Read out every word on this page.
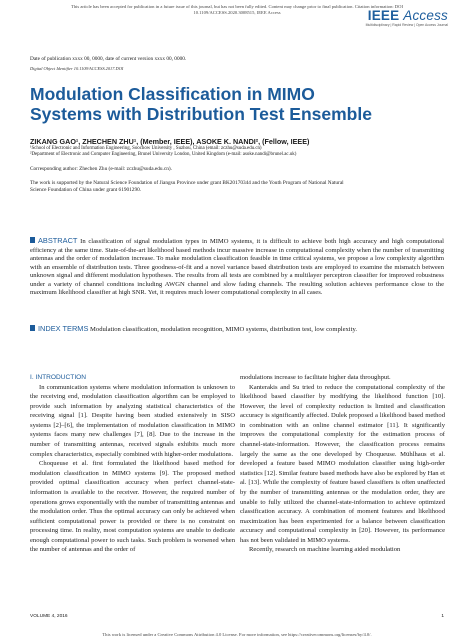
This article has been accepted for publication in a future issue of this journal, but has not been fully edited. Content may change prior to final publication. Citation information: DOI
10.1109/ACCESS.2020.3008515, IEEE Access	IEEE Access
Multidisciplinary | Rapid Review | Open Access Journal
Date of publication xxxx 00, 0000, date of current version xxxx 00, 0000.
Digital Object Identifier 10.1109/ACCESS.2017.DOI
Modulation Classification in MIMO
Systems with Distribution Test Ensemble
ZIKANG GAO¹, ZHECHEN ZHU¹, (Member, IEEE), ASOKE K. NANDI², (Fellow, IEEE)
¹School of Electronic and Information Engineering, Soochow University , Suzhou, China (email: zczhu@suda.edu.cn)
²Department of Electronic and Computer Engineering, Brunel University London, United Kingdom (e-mail: asoke.nandi@brunel.ac.uk)
Corresponding author: Zhechen Zhu (e-mail: zczhu@suda.edu.cn).
The work is supported by the Natural Science Foundation of Jiangsu Province under grant BK20170344 and the Youth Program of National Natural Science Foundation of China under grant 61901290.
ABSTRACT In classification of signal modulation types in MIMO systems, it is difficult to achieve both high accuracy and high computational efficiency at the same time. State-of-the-art likelihood based methods incur massive increase in computational complexity when the number of transmitting antennas and the order of modulation increase. To make modulation classification feasible in time critical systems, we propose a low complexity algorithm with an ensemble of distribution tests. Three goodness-of-fit and a novel variance based distribution tests are employed to examine the mismatch between unknown signal and different modulation hypotheses. The results from all tests are combined by a multilayer perceptron classifier for improved robustness under a variety of channel conditions including AWGN channel and slow fading channels. The resulting solution achieves performance close to the maximum likelihood classifier at high SNR. Yet, it requires much lower computational complexity in all cases.
INDEX TERMS Modulation classification, modulation recognition, MIMO systems, distribution test, low complexity.
I. INTRODUCTION

In communication systems where modulation information is unknown to the receiving end, modulation classification algorithm can be employed to provide such information by analyzing statistical characteristics of the receiving signal [1]. Despite having been studied extensively in SISO systems [2]–[6], the implementation of modulation classification in MIMO systems faces many new challenges [7], [8]. Due to the increase in the number of transmitting antennas, received signals exhibits much more complex characteristics, especially combined with higher-order modulations.

Choqueuse et al. first formulated the likelihood based method for modulation classification in MIMO systems [9]. The proposed method provided optimal classification accuracy when perfect channel-state-information is available to the receiver. However, the required number of operations grows exponentially with the number of transmitting antennas and the modulation order. Thus the optimal accuracy can only be achieved when sufficient computational power is provided or there is no constraint on processing time. In reality, most computation systems are unable to dedicate enough computational power to such tasks. Such problem is worsened when the number of antennas and the order of

modulations increase to facilitate higher data throughput.

Kanterakis and Su tried to reduce the computational complexity of the likelihood based classifier by modifying the likelihood function [10]. However, the level of complexity reduction is limited and classification accuracy is significantly affected. Dulek proposed a likelihood based method in combination with an online channel estimator [11]. It significantly improves the computational complexity for the estimation process of channel-state-information. However, the classification process remains largely the same as the one developed by Choqueuse. Mühlhaus et al. developed a feature based MIMO modulation classifier using high-order statistics [12]. Similar feature based methods have also be explored by Han et al. [13]. While the complexity of feature based classifiers is often unaffected by the number of transmitting antennas or the modulation order, they are unable to fully utilized the channel-state-information to achieve optimized classification accuracy. A combination of moment features and likelihood maximization has been experimented for a balance between classification accuracy and computational complexity in [20]. However, its performance has not been validated in MIMO systems.

Recently, research on machine learning aided modulation

VOLUME 4, 2016	1
This work is licensed under a Creative Commons Attribution 4.0 License. For more information, see https://creativecommons.org/licenses/by/4.0/.
